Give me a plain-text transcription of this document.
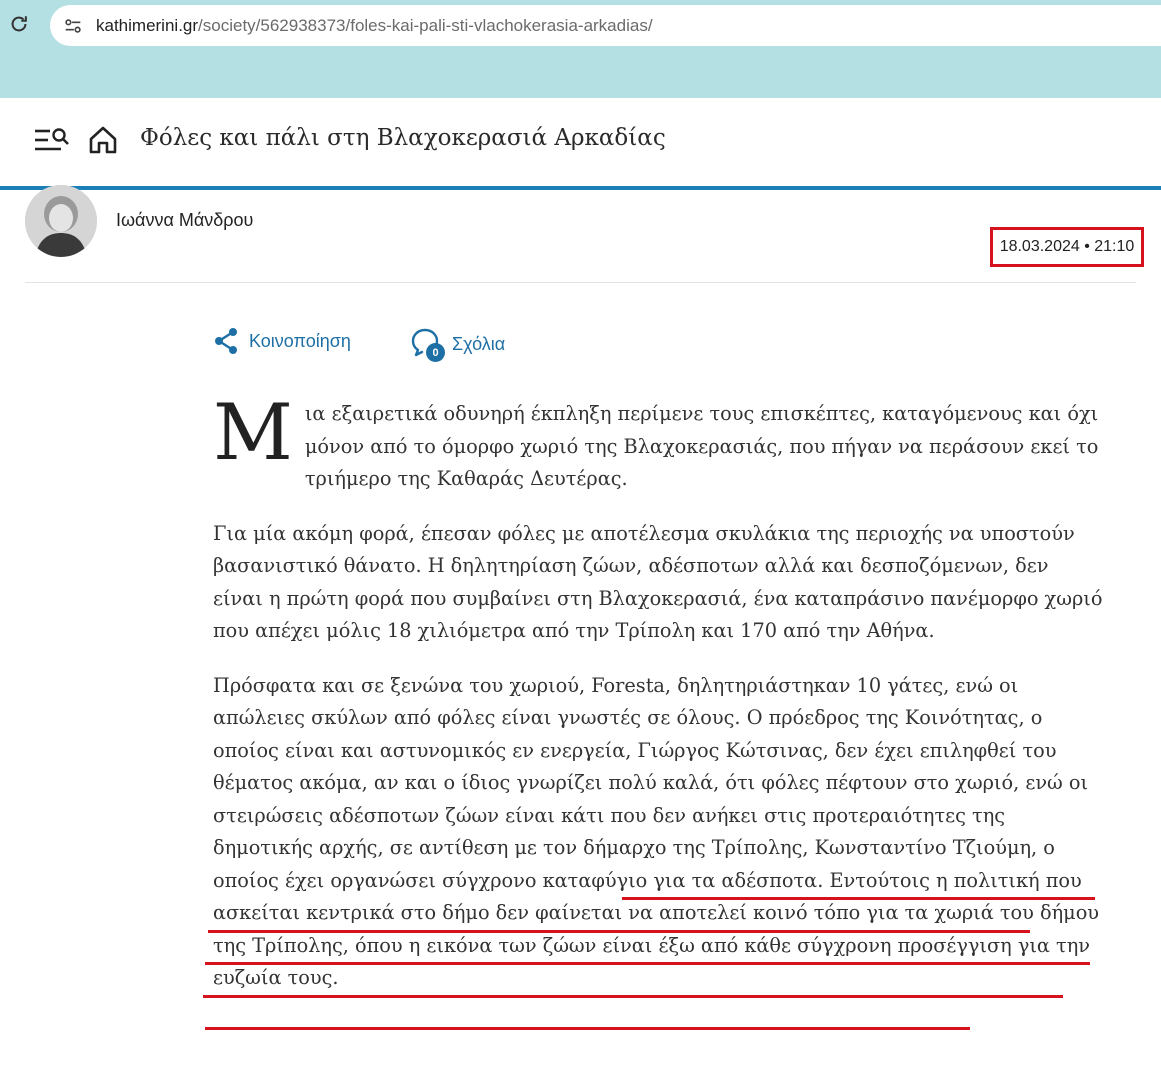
kathimerini.gr/society/562938373/foles-kai-pali-sti-vlachokerasia-arkadias/
Φόλες και πάλι στη Βλαχοκερασιά Αρκαδίας
Ιωάννα Μάνδρου
18.03.2024 • 21:10
Κοινοποίηση
0 Σχόλια

Μια εξαιρετικά οδυνηρή έκπληξη περίμενε τους επισκέπτες, καταγόμενους και όχι μόνον από το όμορφο χωριό της Βλαχοκερασιάς, που πήγαν να περάσουν εκεί το τριήμερο της Καθαράς Δευτέρας.

Για μία ακόμη φορά, έπεσαν φόλες με αποτέλεσμα σκυλάκια της περιοχής να υποστούν βασανιστικό θάνατο. Η δηλητηρίαση ζώων, αδέσποτων αλλά και δεσποζόμενων, δεν είναι η πρώτη φορά που συμβαίνει στη Βλαχοκερασιά, ένα καταπράσινο πανέμορφο χωριό που απέχει μόλις 18 χιλιόμετρα από την Τρίπολη και 170 από την Αθήνα.

Πρόσφατα και σε ξενώνα του χωριού, Foresta, δηλητηριάστηκαν 10 γάτες, ενώ οι απώλειες σκύλων από φόλες είναι γνωστές σε όλους. Ο πρόεδρος της Κοινότητας, ο οποίος είναι και αστυνομικός εν ενεργεία, Γιώργος Κώτσινας, δεν έχει επιληφθεί του θέματος ακόμα, αν και ο ίδιος γνωρίζει πολύ καλά, ότι φόλες πέφτουν στο χωριό, ενώ οι στειρώσεις αδέσποτων ζώων είναι κάτι που δεν ανήκει στις προτεραιότητες της δημοτικής αρχής, σε αντίθεση με τον δήμαρχο της Τρίπολης, Κωνσταντίνο Τζιούμη, ο οποίος έχει οργανώσει σύγχρονο καταφύγιο για τα αδέσποτα. Εντούτοις η πολιτική που ασκείται κεντρικά στο δήμο δεν φαίνεται να αποτελεί κοινό τόπο για τα χωριά του δήμου της Τρίπολης, όπου η εικόνα των ζώων είναι έξω από κάθε σύγχρονη προσέγγιση για την ευζωία τους.
